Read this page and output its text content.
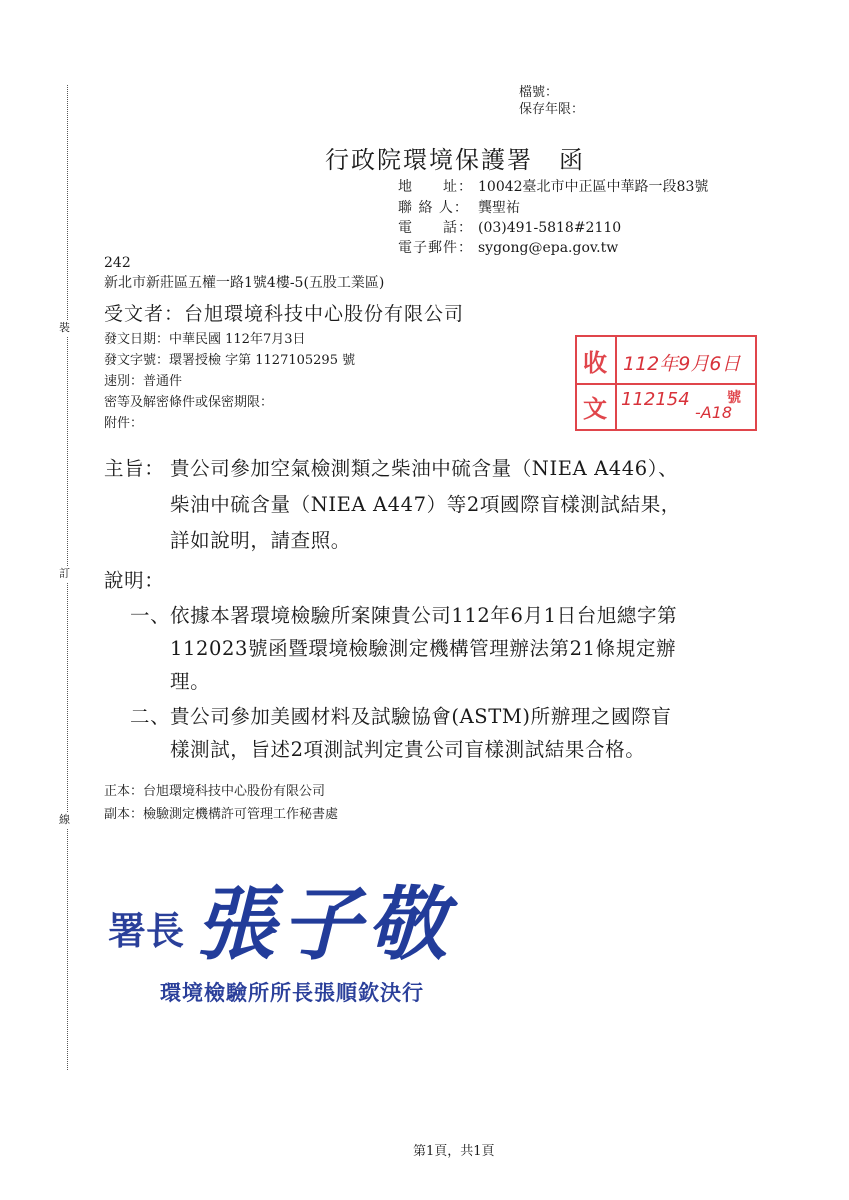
裝
訂
線
檔號：
保存年限：
行政院環境保護署　函
地　　址： 10042臺北市中正區中華路一段83號
聯 絡 人： 龔聖祐
電　　話： (03)491-5818#2110
電子郵件： sygong@epa.gov.tw
242
新北市新莊區五權一路1號4樓-5(五股工業區)
受文者：台旭環境科技中心股份有限公司
發文日期：中華民國 112年7月3日
發文字號：環署授檢 字第 1127105295 號
速別：普通件
密等及解密條件或保密期限：
附件：
收
文
112年9月6日
112154
-A18
號
主旨： 貴公司參加空氣檢測類之柴油中硫含量（NIEA A446）、
柴油中硫含量（NIEA A447）等2項國際盲樣測試結果，
詳如說明，請查照。
說明：
一、 依據本署環境檢驗所案陳貴公司112年6月1日台旭總字第
112023號函暨環境檢驗測定機構管理辦法第21條規定辦
理。
二、 貴公司參加美國材料及試驗協會(ASTM)所辦理之國際盲
樣測試，旨述2項測試判定貴公司盲樣測試結果合格。
正本：台旭環境科技中心股份有限公司
副本：檢驗測定機構許可管理工作秘書處
署長 張子敬
環境檢驗所所長張順欽決行
第1頁，共1頁
